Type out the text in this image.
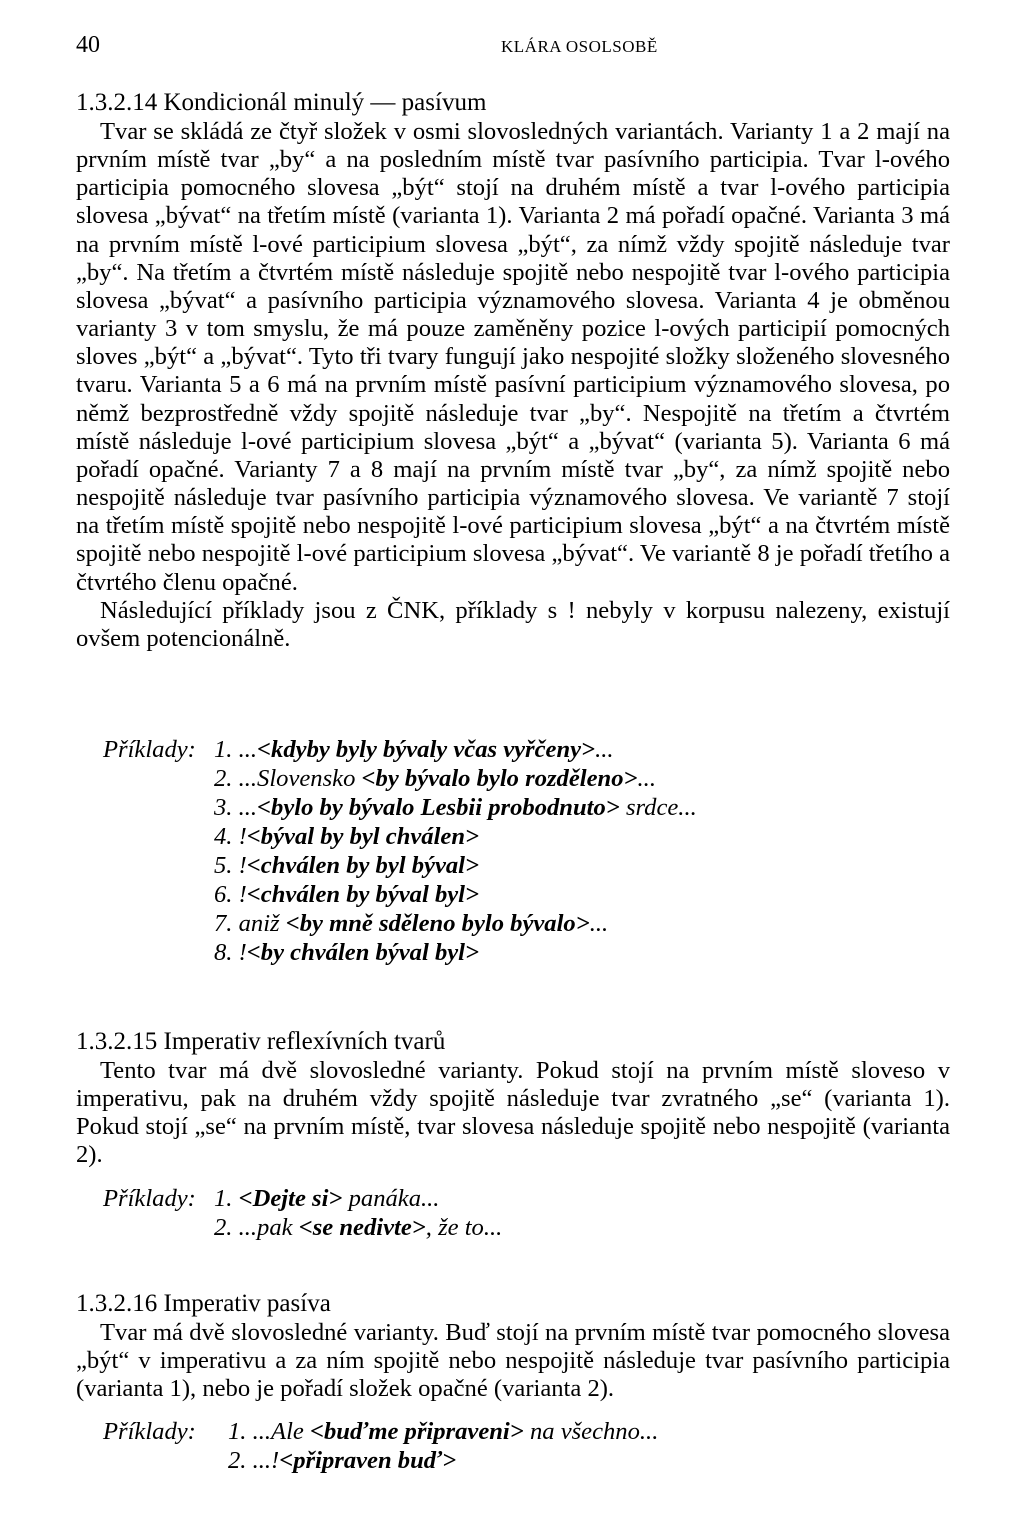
40	KLÁRA OSOLSOBĚ
1.3.2.14 Kondicionál minulý — pasívum

Tvar se skládá ze čtyř složek v osmi slovosledných variantách. Varianty 1 a 2 mají na prvním místě tvar „by“ a na posledním místě tvar pasívního participia. Tvar l-ového participia pomocného slovesa „být“ stojí na druhém místě a tvar l-ového participia slovesa „bývat“ na třetím místě (varianta 1). Varianta 2 má pořadí opačné. Varianta 3 má na prvním místě l-ové participium slovesa „být“, za nímž vždy spojitě následuje tvar „by“. Na třetím a čtvrtém místě následuje spojitě nebo nespojitě tvar l-ového participia slovesa „bývat“ a pasívního participia významového slovesa. Varianta 4 je obměnou varianty 3 v tom smyslu, že má pouze zaměněny pozice l-ových participií pomocných sloves „být“ a „bývat“. Tyto tři tvary fungují jako nespojité složky složeného slovesného tvaru. Varianta 5 a 6 má na prvním místě pasívní participium významového slovesa, po němž bezprostředně vždy spojitě následuje tvar „by“. Nespojitě na třetím a čtvrtém místě následuje l-ové participium slovesa „být“ a „bývat“ (varianta 5). Varianta 6 má pořadí opačné. Varianty 7 a 8 mají na prvním místě tvar „by“, za nímž spojitě nebo nespojitě následuje tvar pasívního participia významového slovesa. Ve variantě 7 stojí na třetím místě spojitě nebo nespojitě l-ové participium slovesa „být“ a na čtvrtém místě spojitě nebo nespojitě l-ové participium slovesa „bývat“. Ve variantě 8 je pořadí třetího a čtvrtého členu opačné.

Následující příklady jsou z ČNK, příklady s ! nebyly v korpusu nalezeny, existují ovšem potencionálně.

Příklady: 1. ...<kdyby byly bývaly včas vyřčeny>...
2. ...Slovensko <by bývalo bylo rozděleno>...
3. ...<bylo by bývalo Lesbii probodnuto> srdce...
4. !<býval by byl chválen>
5. !<chválen by byl býval>
6. !<chválen by býval byl>
7. aniž <by mně sděleno bylo bývalo>...
8. !<by chválen býval byl>
1.3.2.15 Imperativ reflexívních tvarů

Tento tvar má dvě slovosledné varianty. Pokud stojí na prvním místě sloveso v imperativu, pak na druhém vždy spojitě následuje tvar zvratného „se“ (varianta 1). Pokud stojí „se“ na prvním místě, tvar slovesa následuje spojitě nebo nespojitě (varianta 2).

Příklady: 1. <Dejte si> panáka...
2. ...pak <se nedivte>, že to...
1.3.2.16 Imperativ pasíva

Tvar má dvě slovosledné varianty. Buď stojí na prvním místě tvar pomocného slovesa „být“ v imperativu a za ním spojitě nebo nespojitě následuje tvar pasívního participia (varianta 1), nebo je pořadí složek opačné (varianta 2).

Příklady: 1. ...Ale <buďme připraveni> na všechno...
2. ...!<připraven buď>
